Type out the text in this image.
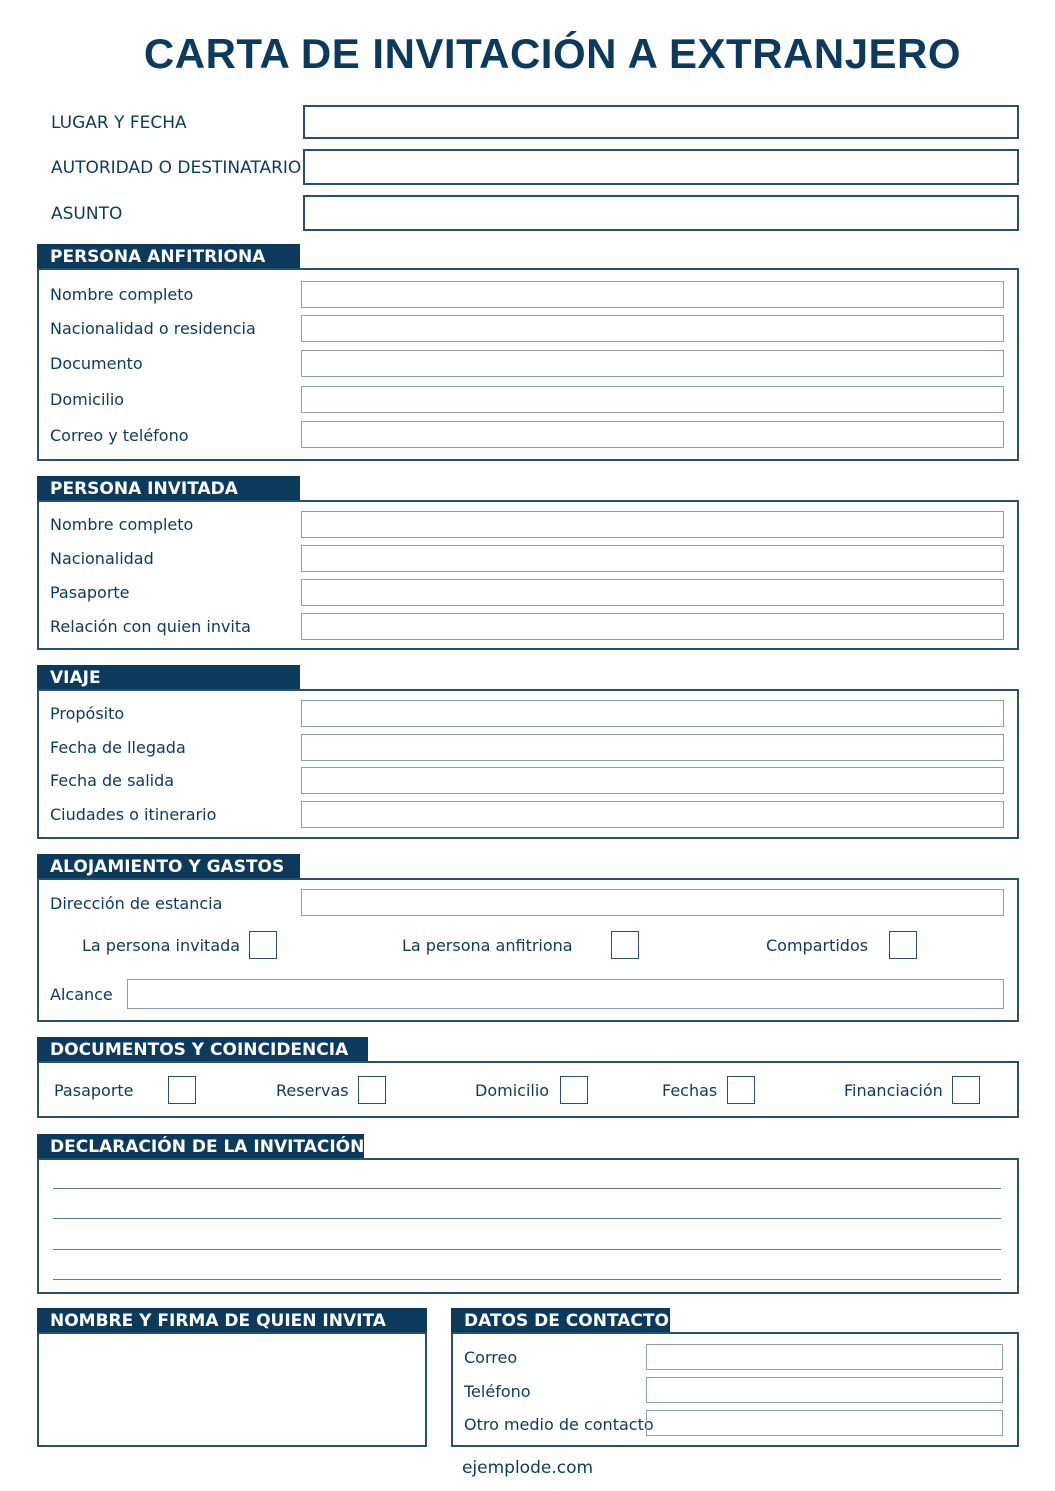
CARTA DE INVITACIÓN A EXTRANJERO
LUGAR Y FECHA
AUTORIDAD O DESTINATARIO
ASUNTO
PERSONA ANFITRIONA
Nombre completo
Nacionalidad o residencia
Documento
Domicilio
Correo y teléfono
PERSONA INVITADA
Nombre completo
Nacionalidad
Pasaporte
Relación con quien invita
VIAJE
Propósito
Fecha de llegada
Fecha de salida
Ciudades o itinerario
ALOJAMIENTO Y GASTOS
Dirección de estancia
La persona invitada	La persona anfitriona	Compartidos
Alcance
DOCUMENTOS Y COINCIDENCIA
Pasaporte	Reservas	Domicilio	Fechas	Financiación
DECLARACIÓN DE LA INVITACIÓN
NOMBRE Y FIRMA DE QUIEN INVITA	DATOS DE CONTACTO
Correo
Teléfono
Otro medio de contacto
ejemplode.com
